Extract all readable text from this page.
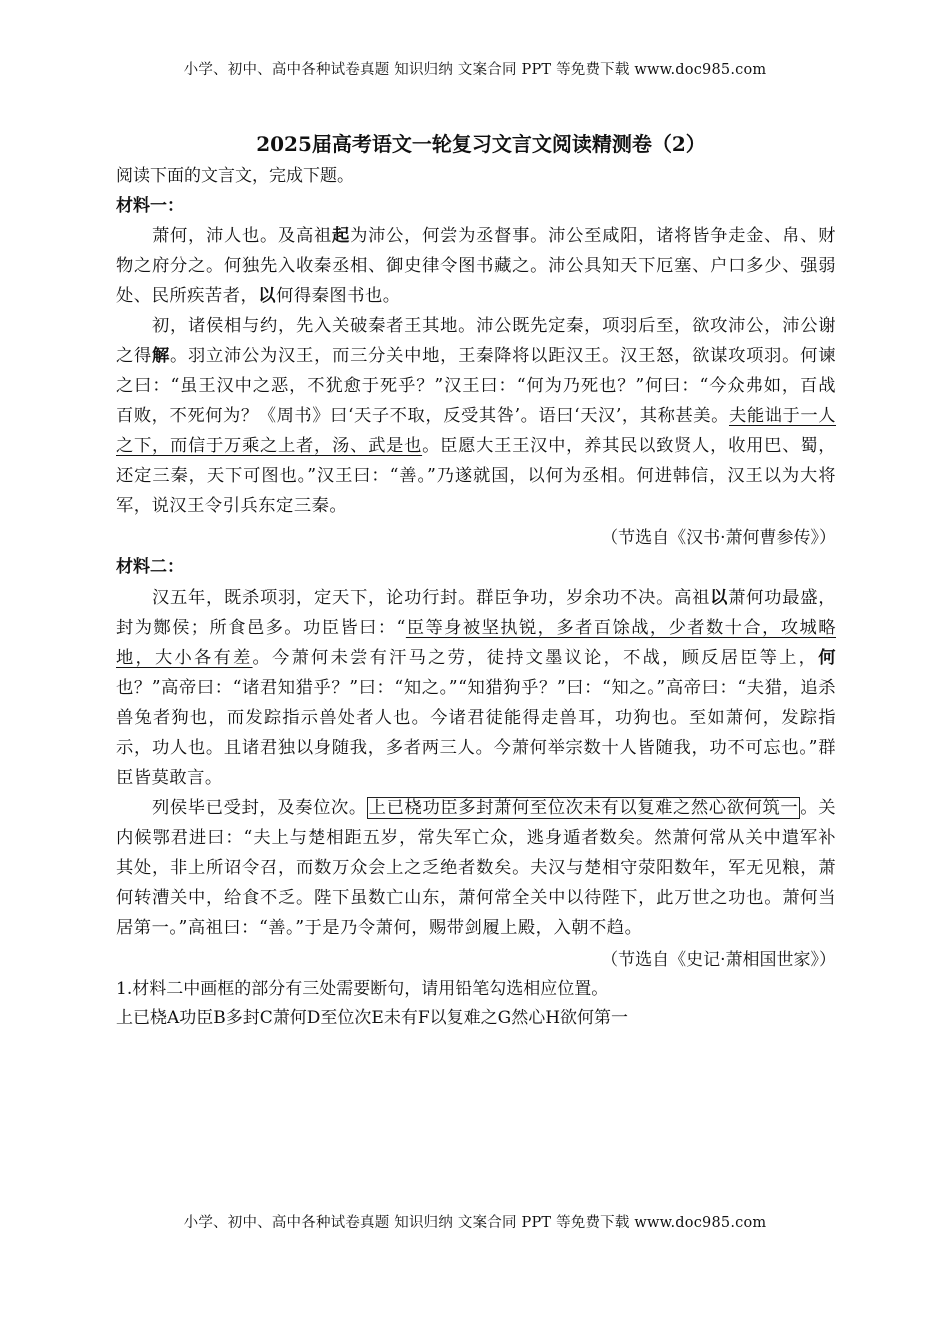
小学、初中、高中各种试卷真题 知识归纳 文案合同 PPT 等免费下载 www.doc985.com
2025届高考语文一轮复习文言文阅读精测卷（2）
阅读下面的文言文，完成下题。
材料一：
萧何，沛人也。及高祖起为沛公，何尝为丞督事。沛公至咸阳，诸将皆争走金、帛、财物之府分之。何独先入收秦丞相、御史律令图书藏之。沛公具知天下厄塞、户口多少、强弱处、民所疾苦者，以何得秦图书也。
初，诸侯相与约，先入关破秦者王其地。沛公既先定秦，项羽后至，欲攻沛公，沛公谢之得解。羽立沛公为汉王，而三分关中地，王秦降将以距汉王。汉王怒，欲谋攻项羽。何谏之曰：“虽王汉中之恶，不犹愈于死乎？”汉王曰：“何为乃死也？”何曰：“今众弗如，百战百败，不死何为？《周书》曰‘天子不取，反受其咎’。语曰‘天汉’，其称甚美。夫能诎于一人之下，而信于万乘之上者，汤、武是也。臣愿大王王汉中，养其民以致贤人，收用巴、蜀，还定三秦，天下可图也。”汉王曰：“善。”乃遂就国，以何为丞相。何进韩信，汉王以为大将军，说汉王令引兵东定三秦。
（节选自《汉书·萧何曹参传》）
材料二：
汉五年，既杀项羽，定天下，论功行封。群臣争功，岁余功不决。高祖以萧何功最盛，封为酂侯；所食邑多。功臣皆曰：“臣等身被坚执锐，多者百馀战，少者数十合，攻城略地，大小各有差。今萧何未尝有汗马之劳，徒持文墨议论，不战，顾反居臣等上，何也？”高帝曰：“诸君知猎乎？”曰：“知之。”“知猎狗乎？”曰：“知之。”高帝曰：“夫猎，追杀兽兔者狗也，而发踪指示兽处者人也。今诸君徒能得走兽耳，功狗也。至如萧何，发踪指示，功人也。且诸君独以身随我，多者两三人。今萧何举宗数十人皆随我，功不可忘也。”群臣皆莫敢言。
列侯毕已受封，及奏位次。 上已桡功臣多封萧何至位次未有以复难之然心欲何筑一 。关内候鄂君进曰：“夫上与楚相距五岁，常失军亡众，逃身遁者数矣。然萧何常从关中遣军补其处，非上所诏令召，而数万众会上之乏绝者数矣。夫汉与楚相守荥阳数年，军无见粮，萧何转漕关中，给食不乏。陛下虽数亡山东，萧何常全关中以待陛下，此万世之功也。萧何当居第一。”高祖曰：“善。”于是乃令萧何，赐带剑履上殿，入朝不趋。
（节选自《史记·萧相国世家》）
1.材料二中画框的部分有三处需要断句，请用铅笔勾选相应位置。
上已桡A功臣B多封C萧何D至位次E未有F以复难之G然心H欲何第一
小学、初中、高中各种试卷真题 知识归纳 文案合同 PPT 等免费下载 www.doc985.com
